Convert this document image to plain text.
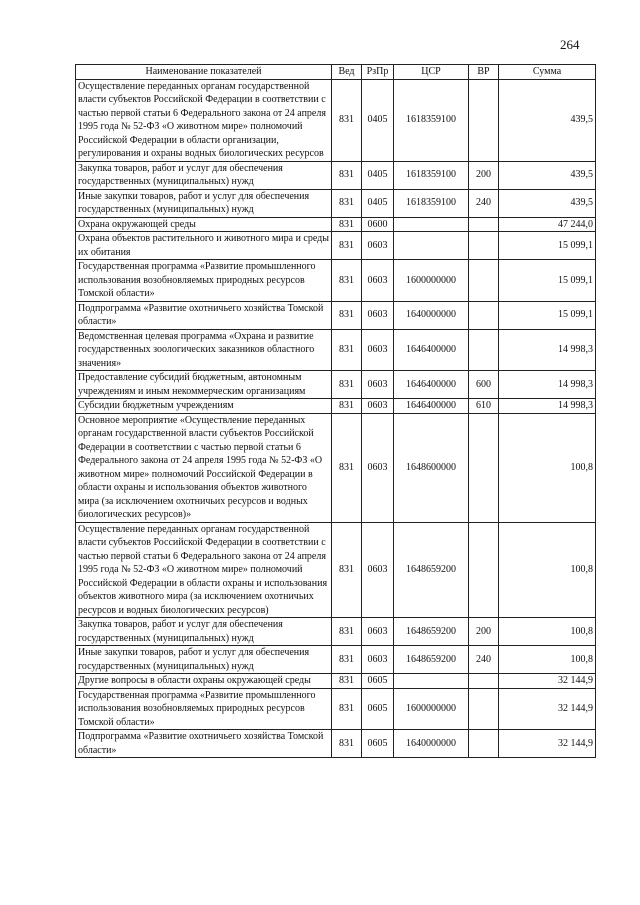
264
Наименование показателей	Вед	РзПр	ЦСР	ВР	Сумма
Осуществление переданных органам государственной власти субъектов Российской Федерации в соответствии с частью первой статьи 6 Федерального закона от 24 апреля 1995 года № 52-ФЗ «О животном мире» полномочий Российской Федерации в области организации, регулирования и охраны водных биологических ресурсов	831	0405	1618359100		439,5
Закупка товаров, работ и услуг для обеспечения государственных (муниципальных) нужд	831	0405	1618359100	200	439,5
Иные закупки товаров, работ и услуг для обеспечения государственных (муниципальных) нужд	831	0405	1618359100	240	439,5
Охрана окружающей среды	831	0600			47 244,0
Охрана объектов растительного и животного мира и среды их обитания	831	0603			15 099,1
Государственная программа «Развитие промышленного использования возобновляемых природных ресурсов Томской области»	831	0603	1600000000		15 099,1
Подпрограмма «Развитие охотничьего хозяйства Томской области»	831	0603	1640000000		15 099,1
Ведомственная целевая программа «Охрана и развитие государственных зоологических заказников областного значения»	831	0603	1646400000		14 998,3
Предоставление субсидий бюджетным, автономным учреждениям и иным некоммерческим организациям	831	0603	1646400000	600	14 998,3
Субсидии бюджетным учреждениям	831	0603	1646400000	610	14 998,3
Основное мероприятие «Осуществление переданных органам государственной власти субъектов Российской Федерации в соответствии с частью первой статьи 6 Федерального закона от 24 апреля 1995 года № 52-ФЗ «О животном мире» полномочий Российской Федерации в области охраны и использования объектов животного мира (за исключением охотничьих ресурсов и водных биологических ресурсов)»	831	0603	1648600000		100,8
Осуществление переданных органам государственной власти субъектов Российской Федерации в соответствии с частью первой статьи 6 Федерального закона от 24 апреля 1995 года № 52-ФЗ «О животном мире» полномочий Российской Федерации в области охраны и использования объектов животного мира (за исключением охотничьих ресурсов и водных биологических ресурсов)	831	0603	1648659200		100,8
Закупка товаров, работ и услуг для обеспечения государственных (муниципальных) нужд	831	0603	1648659200	200	100,8
Иные закупки товаров, работ и услуг для обеспечения государственных (муниципальных) нужд	831	0603	1648659200	240	100,8
Другие вопросы в области охраны окружающей среды	831	0605			32 144,9
Государственная программа «Развитие промышленного использования возобновляемых природных ресурсов Томской области»	831	0605	1600000000		32 144,9
Подпрограмма «Развитие охотничьего хозяйства Томской области»	831	0605	1640000000		32 144,9
